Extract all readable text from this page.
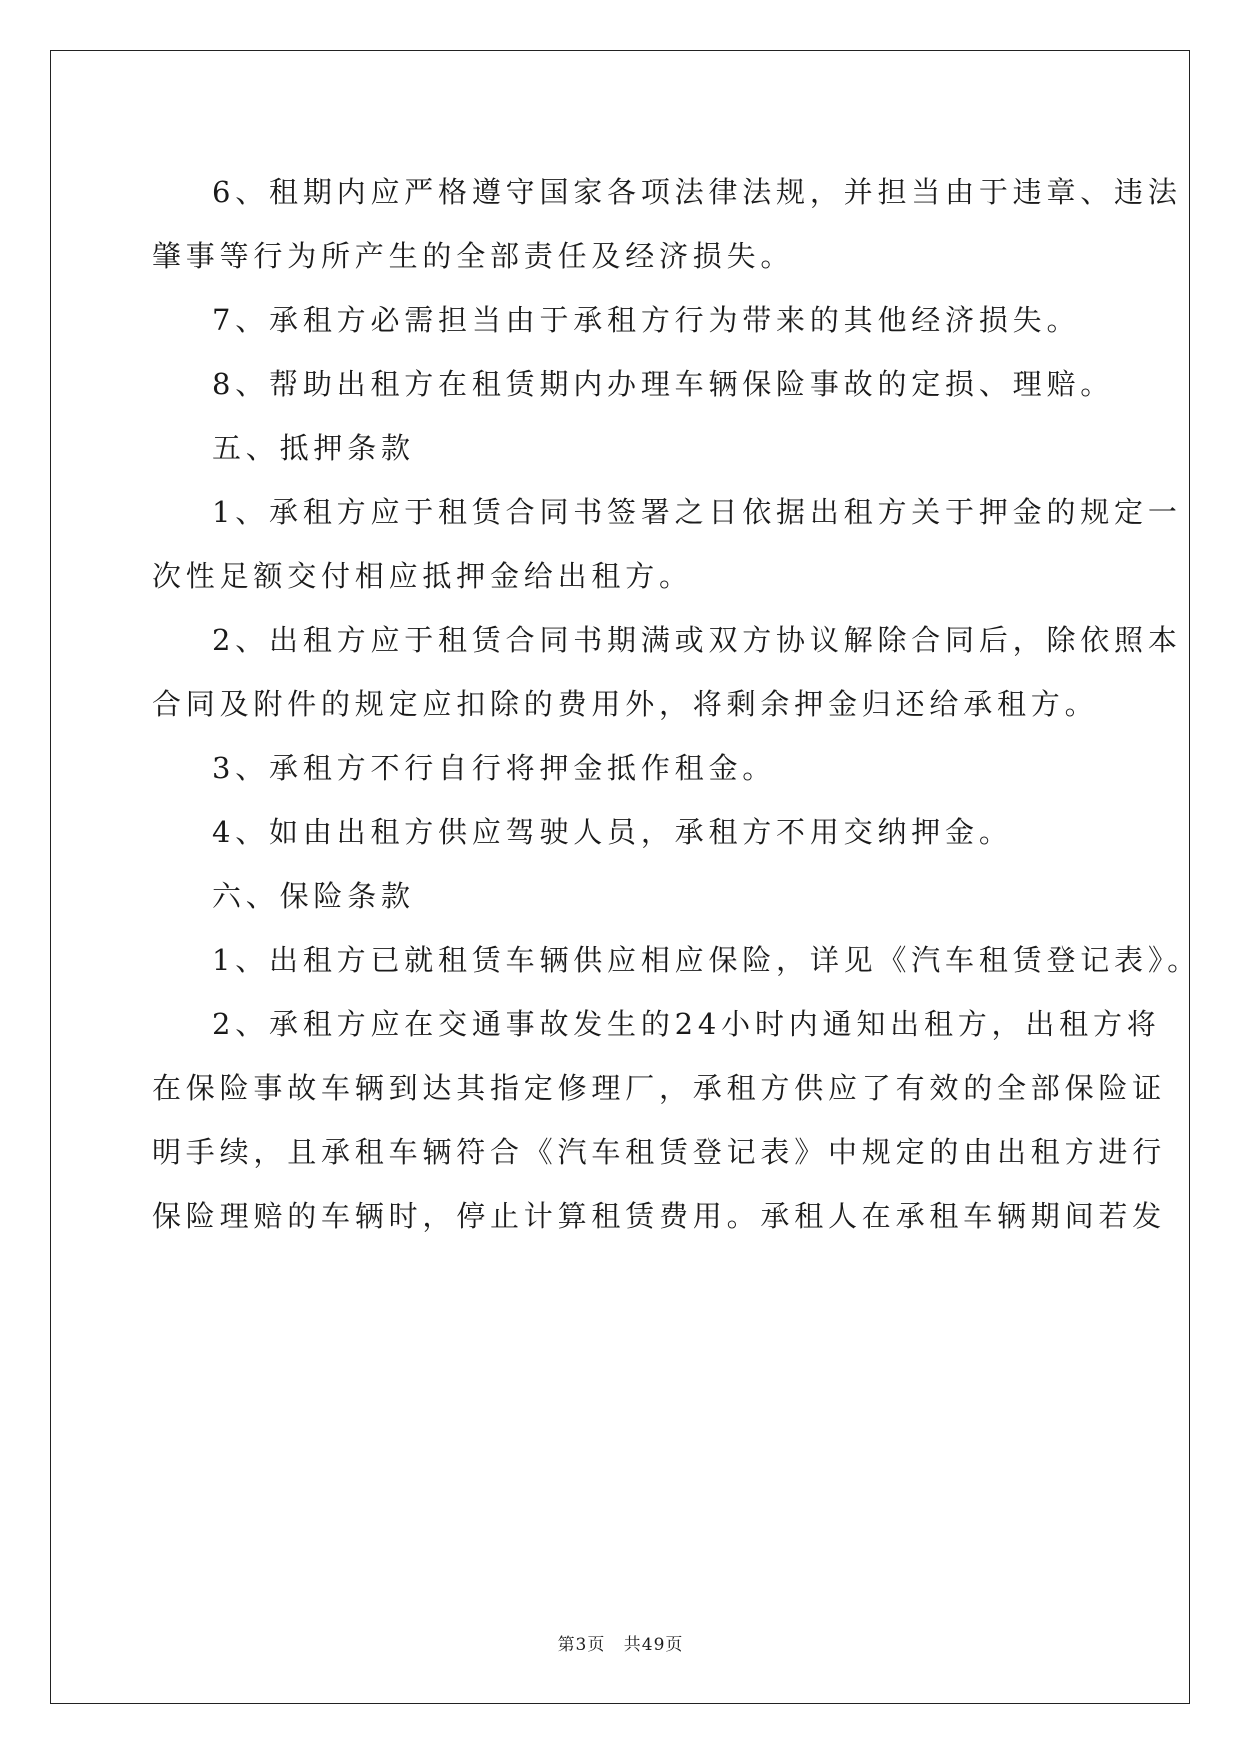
6、租期内应严格遵守国家各项法律法规，并担当由于违章、违法

肇事等行为所产生的全部责任及经济损失。

7、承租方必需担当由于承租方行为带来的其他经济损失。

8、帮助出租方在租赁期内办理车辆保险事故的定损、理赔。

五、抵押条款

1、承租方应于租赁合同书签署之日依据出租方关于押金的规定一

次性足额交付相应抵押金给出租方。

2、出租方应于租赁合同书期满或双方协议解除合同后，除依照本

合同及附件的规定应扣除的费用外，将剩余押金归还给承租方。

3、承租方不行自行将押金抵作租金。

4、如由出租方供应驾驶人员，承租方不用交纳押金。

六、保险条款

1、出租方已就租赁车辆供应相应保险，详见《汽车租赁登记表》。

2、承租方应在交通事故发生的24小时内通知出租方，出租方将

在保险事故车辆到达其指定修理厂，承租方供应了有效的全部保险证

明手续，且承租车辆符合《汽车租赁登记表》中规定的由出租方进行

保险理赔的车辆时，停止计算租赁费用。承租人在承租车辆期间若发

第3页 共49页
